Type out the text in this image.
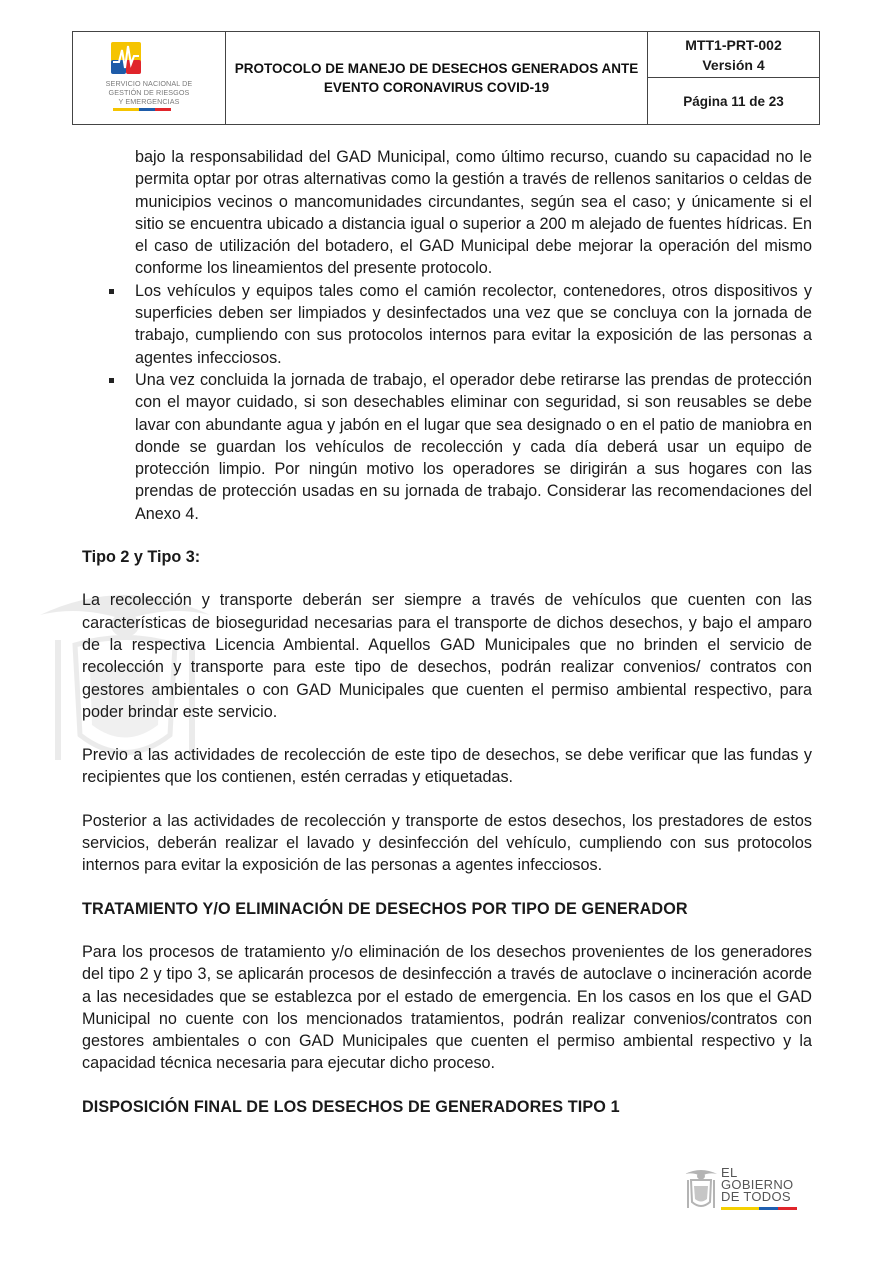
SERVICIO NACIONAL DE
GESTIÓN DE RIESGOS
Y EMERGENCIAS
PROTOCOLO DE MANEJO DE DESECHOS GENERADOS ANTE
EVENTO CORONAVIRUS COVID-19
MTT1-PRT-002
Versión 4
Página 11 de 23

bajo la responsabilidad del GAD Municipal, como último recurso, cuando su capacidad no le permita optar por otras alternativas como la gestión a través de rellenos sanitarios o celdas de municipios vecinos o mancomunidades circundantes, según sea el caso; y únicamente si el sitio se encuentra ubicado a distancia igual o superior a 200 m alejado de fuentes hídricas. En el caso de utilización del botadero, el GAD Municipal debe mejorar la operación del mismo conforme los lineamientos del presente protocolo.

Los vehículos y equipos tales como el camión recolector, contenedores, otros dispositivos y superficies deben ser limpiados y desinfectados una vez que se concluya con la jornada de trabajo, cumpliendo con sus protocolos internos para evitar la exposición de las personas a agentes infecciosos.
Una vez concluida la jornada de trabajo, el operador debe retirarse las prendas de protección con el mayor cuidado, si son desechables eliminar con seguridad, si son reusables se debe lavar con abundante agua y jabón en el lugar que sea designado o en el patio de maniobra en donde se guardan los vehículos de recolección y cada día deberá usar un equipo de protección limpio. Por ningún motivo los operadores se dirigirán a sus hogares con las prendas de protección usadas en su jornada de trabajo. Considerar las recomendaciones del Anexo 4.

Tipo 2 y Tipo 3:

La recolección y transporte deberán ser siempre a través de vehículos que cuenten con las características de bioseguridad necesarias para el transporte de dichos desechos, y bajo el amparo de la respectiva Licencia Ambiental. Aquellos GAD Municipales que no brinden el servicio de recolección y transporte para este tipo de desechos, podrán realizar convenios/ contratos con gestores ambientales o con GAD Municipales que cuenten el permiso ambiental respectivo, para poder brindar este servicio.

Previo a las actividades de recolección de este tipo de desechos, se debe verificar que las fundas y recipientes que los contienen, estén cerradas y etiquetadas.

Posterior a las actividades de recolección y transporte de estos desechos, los prestadores de estos servicios, deberán realizar el lavado y desinfección del vehículo, cumpliendo con sus protocolos internos para evitar la exposición de las personas a agentes infecciosos.

TRATAMIENTO Y/O ELIMINACIÓN DE DESECHOS POR TIPO DE GENERADOR

Para los procesos de tratamiento y/o eliminación de los desechos provenientes de los generadores del tipo 2 y tipo 3, se aplicarán procesos de desinfección a través de autoclave o incineración acorde a las necesidades que se establezca por el estado de emergencia. En los casos en los que el GAD Municipal no cuente con los mencionados tratamientos, podrán realizar convenios/contratos con gestores ambientales o con GAD Municipales que cuenten el permiso ambiental respectivo y la capacidad técnica necesaria para ejecutar dicho proceso.

DISPOSICIÓN FINAL DE LOS DESECHOS DE GENERADORES TIPO 1

EL
GOBIERNO
DE TODOS
